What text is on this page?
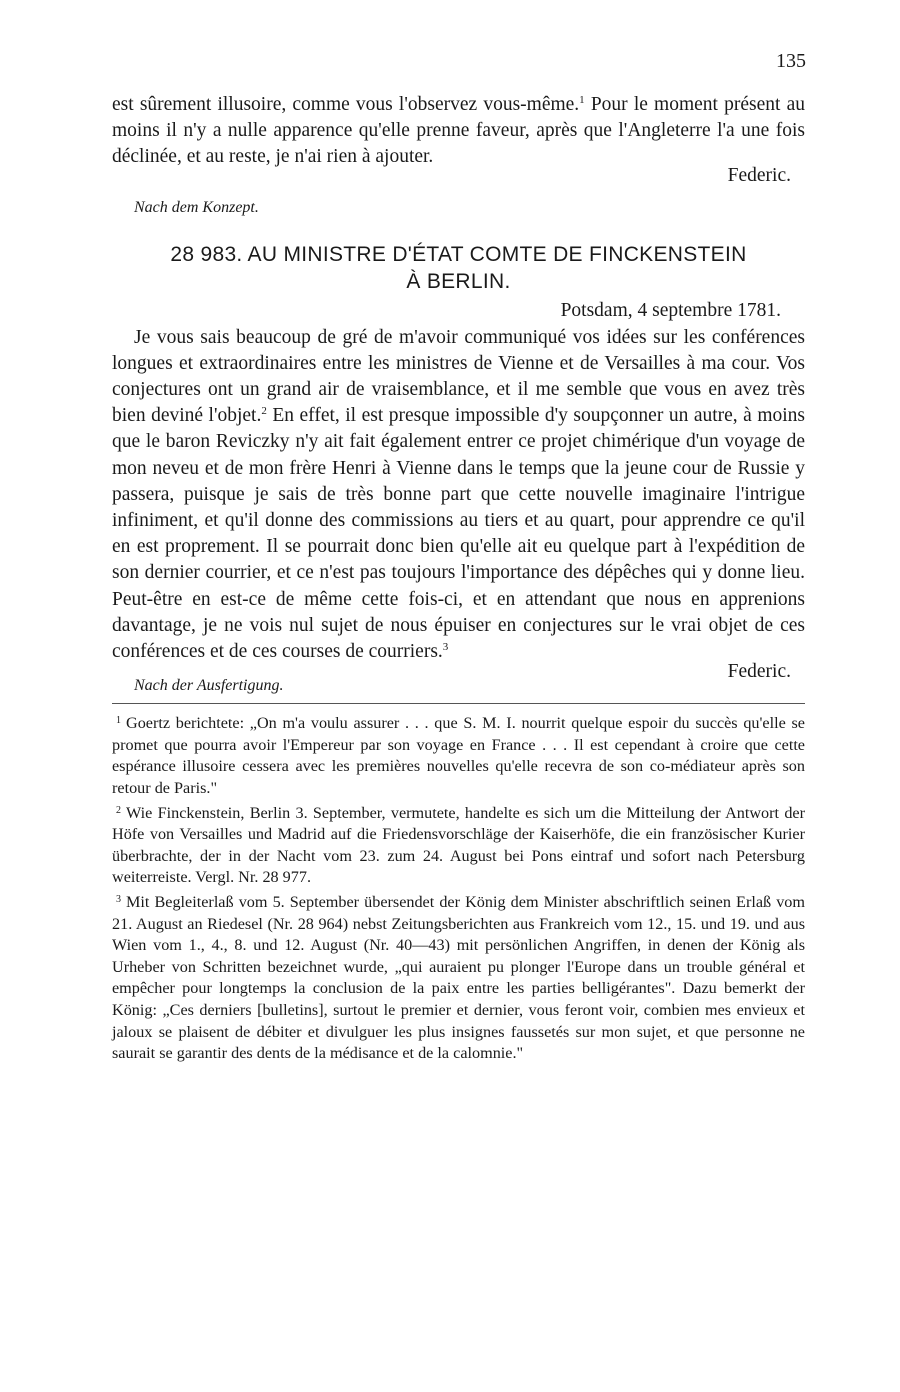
135

est sûrement illusoire, comme vous l'observez vous-même.$^1$ Pour le moment présent au moins il n'y a nulle apparence qu'elle prenne faveur, après que l'Angleterre l'a une fois déclinée, et au reste, je n'ai rien à ajouter.

Federic.

Nach dem Konzept.

28 983. AU MINISTRE D'ÉTAT COMTE DE FINCKENSTEIN
À BERLIN.
Potsdam, 4 septembre 1781.

Je vous sais beaucoup de gré de m'avoir communiqué vos idées sur les conférences longues et extraordinaires entre les ministres de Vienne et de Versailles à ma cour. Vos conjectures ont un grand air de vraisemblance, et il me semble que vous en avez très bien deviné l'objet.$^2$ En effet, il est presque impossible d'y soupçonner un autre, à moins que le baron Reviczky n'y ait fait également entrer ce projet chimérique d'un voyage de mon neveu et de mon frère Henri à Vienne dans le temps que la jeune cour de Russie y passera, puisque je sais de très bonne part que cette nouvelle imaginaire l'intrigue infiniment, et qu'il donne des commissions au tiers et au quart, pour apprendre ce qu'il en est proprement. Il se pourrait donc bien qu'elle ait eu quelque part à l'expédition de son dernier courrier, et ce n'est pas toujours l'importance des dépêches qui y donne lieu. Peut-être en est-ce de même cette fois-ci, et en attendant que nous en apprenions davantage, je ne vois nul sujet de nous épuiser en conjectures sur le vrai objet de ces conférences et de ces courses de courriers.$^3$

Nach der Ausfertigung.
Federic.

$^1$ Goertz berichtete: „On m'a voulu assurer . . . que S. M. I. nourrit quelque espoir du succès qu'elle se promet que pourra avoir l'Empereur par son voyage en France . . . Il est cependant à croire que cette espérance illusoire cessera avec les premières nouvelles qu'elle recevra de son co-médiateur après son retour de Paris."

$^2$ Wie Finckenstein, Berlin 3. September, vermutete, handelte es sich um die Mitteilung der Antwort der Höfe von Versailles und Madrid auf die Friedensvorschläge der Kaiserhöfe, die ein französischer Kurier überbrachte, der in der Nacht vom 23. zum 24. August bei Pons eintraf und sofort nach Petersburg weiterreiste. Vergl. Nr. 28 977.

$^3$ Mit Begleiterlaß vom 5. September übersendet der König dem Minister abschriftlich seinen Erlaß vom 21. August an Riedesel (Nr. 28 964) nebst Zeitungsberichten aus Frankreich vom 12., 15. und 19. und aus Wien vom 1., 4., 8. und 12. August (Nr. 40—43) mit persönlichen Angriffen, in denen der König als Urheber von Schritten bezeichnet wurde, „qui auraient pu plonger l'Europe dans un trouble général et empêcher pour longtemps la conclusion de la paix entre les parties belligérantes". Dazu bemerkt der König: „Ces derniers [bulletins], surtout le premier et dernier, vous feront voir, combien mes envieux et jaloux se plaisent de débiter et divulguer les plus insignes faussetés sur mon sujet, et que personne ne saurait se garantir des dents de la médisance et de la calomnie."
